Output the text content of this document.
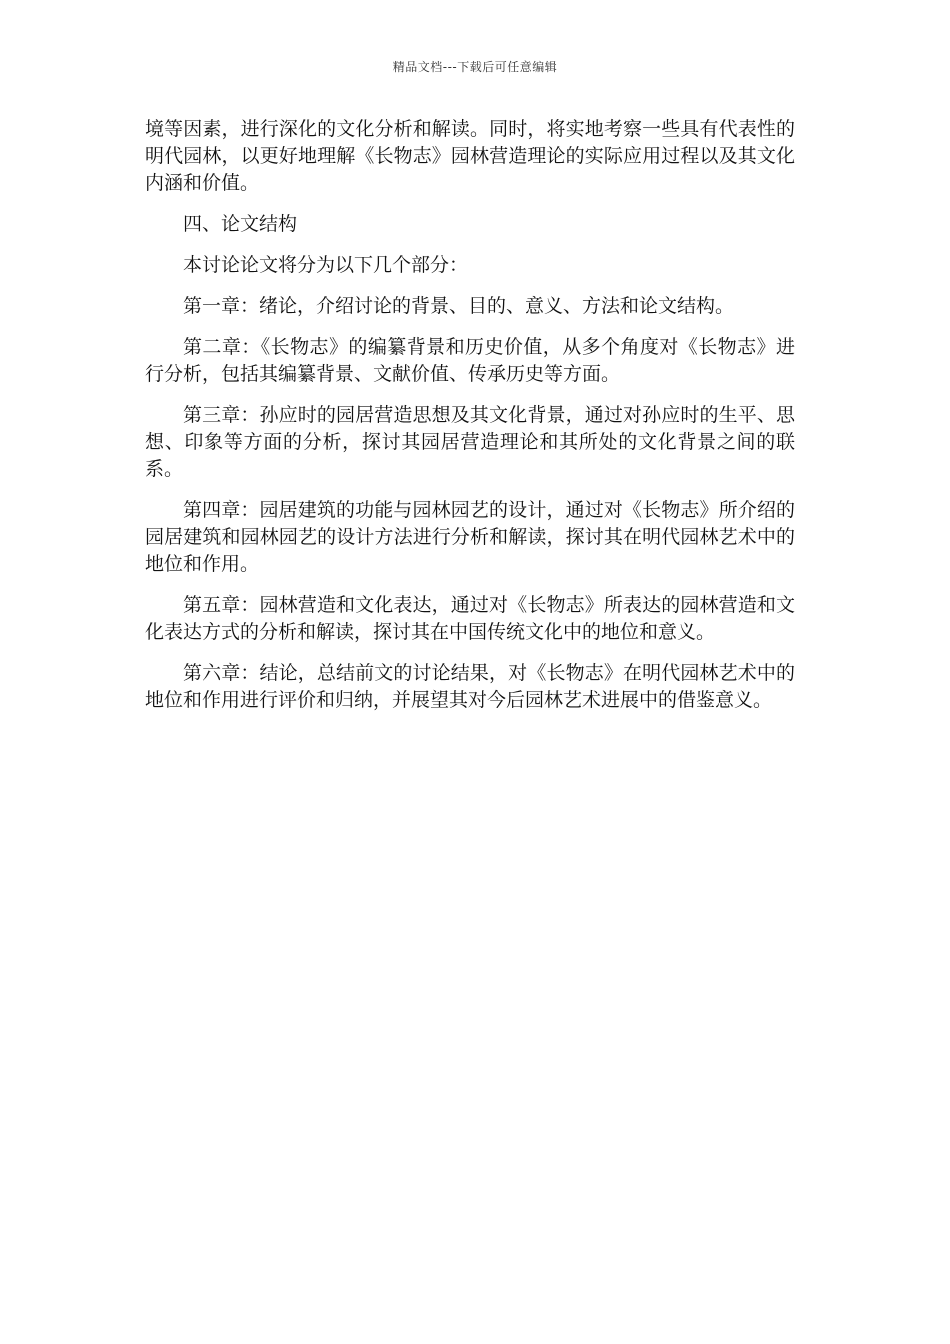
精品文档---下载后可任意编辑

境等因素，进行深化的文化分析和解读。同时，将实地考察一些具有代表性的明代园林，以更好地理解《长物志》园林营造理论的实际应用过程以及其文化内涵和价值。

四、论文结构

本讨论论文将分为以下几个部分：

第一章：绪论，介绍讨论的背景、目的、意义、方法和论文结构。

第二章：《长物志》的编纂背景和历史价值，从多个角度对《长物志》进行分析，包括其编纂背景、文献价值、传承历史等方面。

第三章：孙应时的园居营造思想及其文化背景，通过对孙应时的生平、思想、印象等方面的分析，探讨其园居营造理论和其所处的文化背景之间的联系。

第四章：园居建筑的功能与园林园艺的设计，通过对《长物志》所介绍的园居建筑和园林园艺的设计方法进行分析和解读，探讨其在明代园林艺术中的地位和作用。

第五章：园林营造和文化表达，通过对《长物志》所表达的园林营造和文化表达方式的分析和解读，探讨其在中国传统文化中的地位和意义。

第六章：结论，总结前文的讨论结果，对《长物志》在明代园林艺术中的地位和作用进行评价和归纳，并展望其对今后园林艺术进展中的借鉴意义。
